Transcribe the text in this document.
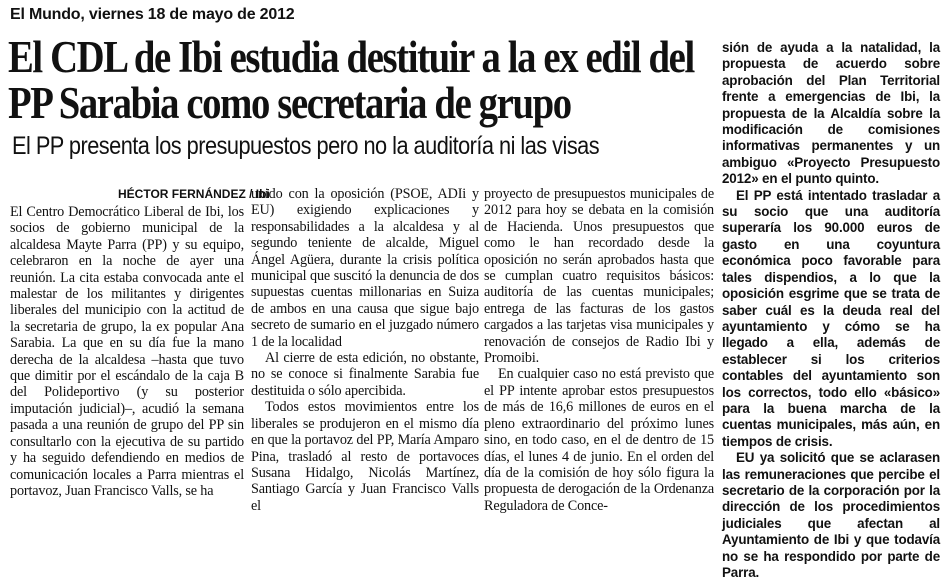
El Mundo, viernes 18 de mayo de 2012
El CDL de Ibi estudia destituir a la ex edil del PP Sarabia como secretaria de grupo
El PP presenta los presupuestos pero no la auditoría ni las visas
HÉCTOR FERNÁNDEZ / Ibi

El Centro Democrático Liberal de Ibi, los socios de gobierno municipal de la alcaldesa Mayte Parra (PP) y su equipo, celebraron en la noche de ayer una reunión. La cita estaba convocada ante el malestar de los militantes y dirigentes liberales del municipio con la actitud de la secretaria de grupo, la ex popular Ana Sarabia. La que en su día fue la mano derecha de la alcaldesa –hasta que tuvo que dimitir por el escándalo de la caja B del Polideportivo (y su posterior imputación judicial)–, acudió la semana pasada a una reunión de grupo del PP sin consultarlo con la ejecutiva de su partido y ha seguido defendiendo en medios de comunicación locales a Parra mientras el portavoz, Juan Francisco Valls, se ha

unido con la oposición (PSOE, ADIi y EU) exigiendo explicaciones y responsabilidades a la alcaldesa y al segundo teniente de alcalde, Miguel Ángel Agüera, durante la crisis política municipal que suscitó la denuncia de dos supuestas cuentas millonarias en Suiza de ambos en una causa que sigue bajo secreto de sumario en el juzgado número 1 de la localidad

Al cierre de esta edición, no obstante, no se conoce si finalmente Sarabia fue destituida o sólo apercibida.

Todos estos movimientos entre los liberales se produjeron en el mismo día en que la portavoz del PP, María Amparo Pina, trasladó al resto de portavoces Susana Hidalgo, Nicolás Martínez, Santiago García y Juan Francisco Valls el

proyecto de presupuestos municipales de 2012 para hoy se debata en la comisión de Hacienda. Unos presupuestos que como le han recordado desde la oposición no serán aprobados hasta que se cumplan cuatro requisitos básicos: auditoría de las cuentas municipales; entrega de las facturas de los gastos cargados a las tarjetas visa municipales y renovación de consejos de Radio Ibi y Promoibi.

En cualquier caso no está previsto que el PP intente aprobar estos presupuestos de más de 16,6 millones de euros en el pleno extraordinario del próximo lunes sino, en todo caso, en el de dentro de 15 días, el lunes 4 de junio. En el orden del día de la comisión de hoy sólo figura la propuesta de derogación de la Ordenanza Reguladora de Conce-

sión de ayuda a la natalidad, la propuesta de acuerdo sobre aprobación del Plan Territorial frente a emergencias de Ibi, la propuesta de la Alcaldía sobre la modificación de comisiones informativas permanentes y un ambiguo «Proyecto Presupuesto 2012» en el punto quinto.

El PP está intentado trasladar a su socio que una auditoría superaría los 90.000 euros de gasto en una coyuntura económica poco favorable para tales dispendios, a lo que la oposición esgrime que se trata de saber cuál es la deuda real del ayuntamiento y cómo se ha llegado a ella, además de establecer si los criterios contables del ayuntamiento son los correctos, todo ello «básico» para la buena marcha de la cuentas municipales, más aún, en tiempos de crisis.

EU ya solicitó que se aclarasen las remuneraciones que percibe el secretario de la corporación por la dirección de los procedimientos judiciales que afectan al Ayuntamiento de Ibi y que todavía no se ha respondido por parte de Parra.
